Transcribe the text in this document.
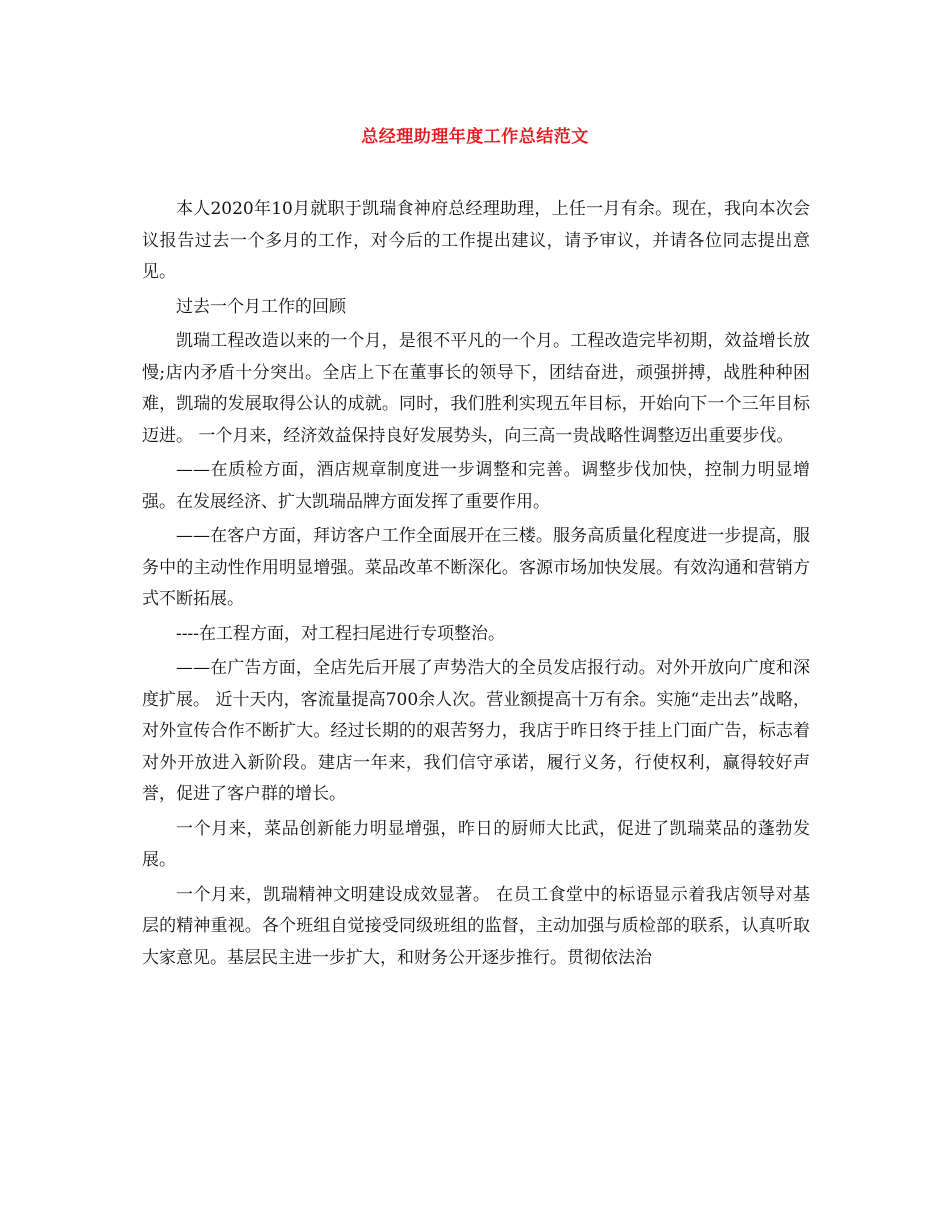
总经理助理年度工作总结范文

本人2020年10月就职于凯瑞食神府总经理助理，上任一月有余。现在，我向本次会议报告过去一个多月的工作，对今后的工作提出建议，请予审议，并请各位同志提出意见。

过去一个月工作的回顾

凯瑞工程改造以来的一个月，是很不平凡的一个月。工程改造完毕初期，效益增长放慢;店内矛盾十分突出。全店上下在董事长的领导下，团结奋进，顽强拼搏，战胜种种困难，凯瑞的发展取得公认的成就。同时，我们胜利实现五年目标，开始向下一个三年目标迈进。 一个月来，经济效益保持良好发展势头，向三高一贵战略性调整迈出重要步伐。

——在质检方面，酒店规章制度进一步调整和完善。调整步伐加快，控制力明显增强。在发展经济、扩大凯瑞品牌方面发挥了重要作用。

——在客户方面，拜访客户工作全面展开在三楼。服务高质量化程度进一步提高，服务中的主动性作用明显增强。菜品改革不断深化。客源市场加快发展。有效沟通和营销方式不断拓展。

----在工程方面，对工程扫尾进行专项整治。

——在广告方面，全店先后开展了声势浩大的全员发店报行动。对外开放向广度和深度扩展。 近十天内，客流量提高700余人次。营业额提高十万有余。实施“走出去”战略，对外宣传合作不断扩大。经过长期的的艰苦努力，我店于昨日终于挂上门面广告，标志着对外开放进入新阶段。建店一年来，我们信守承诺，履行义务，行使权利，赢得较好声誉，促进了客户群的增长。

一个月来，菜品创新能力明显增强，昨日的厨师大比武，促进了凯瑞菜品的蓬勃发展。

一个月来，凯瑞精神文明建设成效显著。 在员工食堂中的标语显示着我店领导对基层的精神重视。各个班组自觉接受同级班组的监督，主动加强与质检部的联系，认真听取大家意见。基层民主进一步扩大，和财务公开逐步推行。贯彻依法治
